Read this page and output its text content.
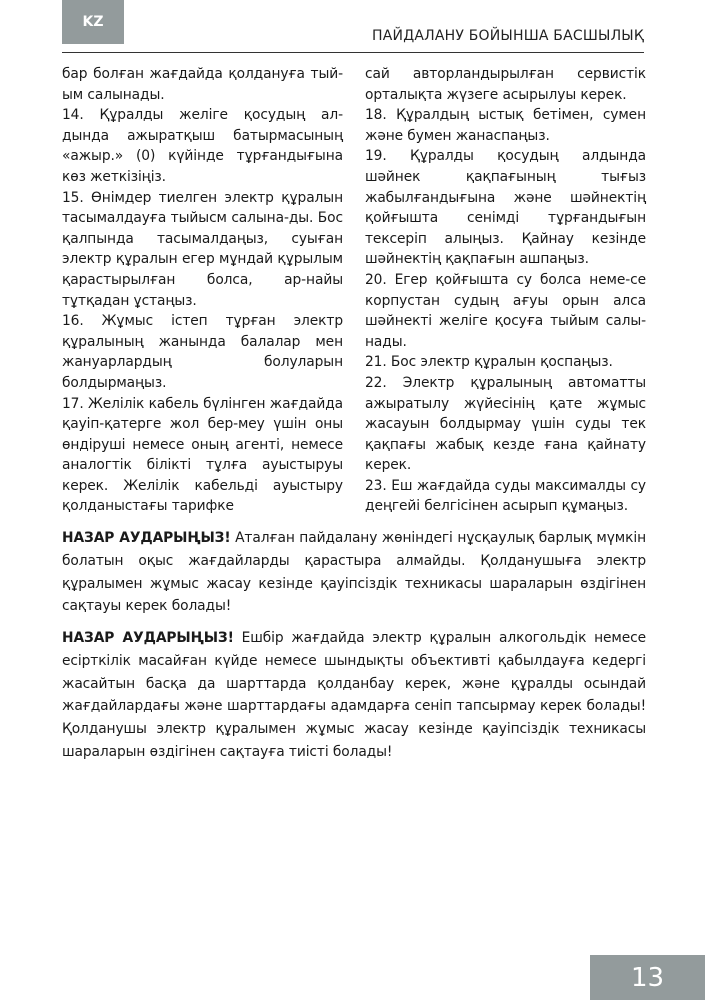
KZ
ПАЙДАЛАНУ БОЙЫНША БАСШЫЛЫҚ

бар болған жағдайда қолдануға тый-ым салынады.

14. Құралды желіге қосудың ал-дында ажыратқыш батырмасының «ажыр.» (0) күйінде тұрғандығына көз жеткізіңіз.

15. Өнімдер тиелген электр құралын тасымалдауға тыйысм салына-ды. Бос қалпында тасымалдаңыз, суыған электр құралын егер мұндай құрылым қарастырылған болса, ар-найы тұтқадан ұстаңыз.

16. Жұмыс істеп тұрған электр құралының жанында балалар мен жануарлардың болуларын болдырмаңыз.

17. Желілік кабель бүлінген жағдайда қауіп-қатерге жол бер-меу үшін оны өндіруші немесе оның агенті, немесе аналогтік білікті тұлға ауыстыруы керек. Желілік кабельді ауыстыру қолданыстағы тарифке

сай авторландырылған сервистік орталықта жүзеге асырылуы керек.

18. Құралдың ыстық бетімен, сумен және бумен жанаспаңыз.

19. Құралды қосудың алдында шәйнек қақпағының тығыз жабылғандығына және шәйнектің қойғышта сенімді тұрғандығын тексеріп алыңыз. Қайнау кезінде шәйнектің қақпағын ашпаңыз.

20. Егер қойғышта су болса неме-се корпустан судың ағуы орын алса шәйнекті желіге қосуға тыйым салы-нады.

21. Бос электр құралын қоспаңыз.

22. Электр құралының автоматты ажыратылу жүйесінің қате жұмыс жасауын болдырмау үшін суды тек қақпағы жабық кезде ғана қайнату керек.

23. Еш жағдайда суды максималды су деңгейі белгісінен асырып құмаңыз.

НАЗАР АУДАРЫҢЫЗ! Аталған пайдалану жөніндегі нұсқаулық барлық мүмкін болатын оқыс жағдайларды қарастыра алмайды. Қолданушыға электр құралымен жұмыс жасау кезінде қауіпсіздік техникасы шараларын өздігінен сақтауы керек болады!

НАЗАР АУДАРЫҢЫЗ! Ешбір жағдайда электр құралын алкогольдік немесе есірткілік масайған күйде немесе шындықты объективті қабылдауға кедергі жасайтын басқа да шарттарда қолданбау керек, және құралды осындай жағдайлардағы және шарттардағы адамдарға сеніп тапсырмау керек болады! Қолданушы электр құралымен жұмыс жасау кезінде қауіпсіздік техникасы шараларын өздігінен сақтауға тиісті болады!

13
